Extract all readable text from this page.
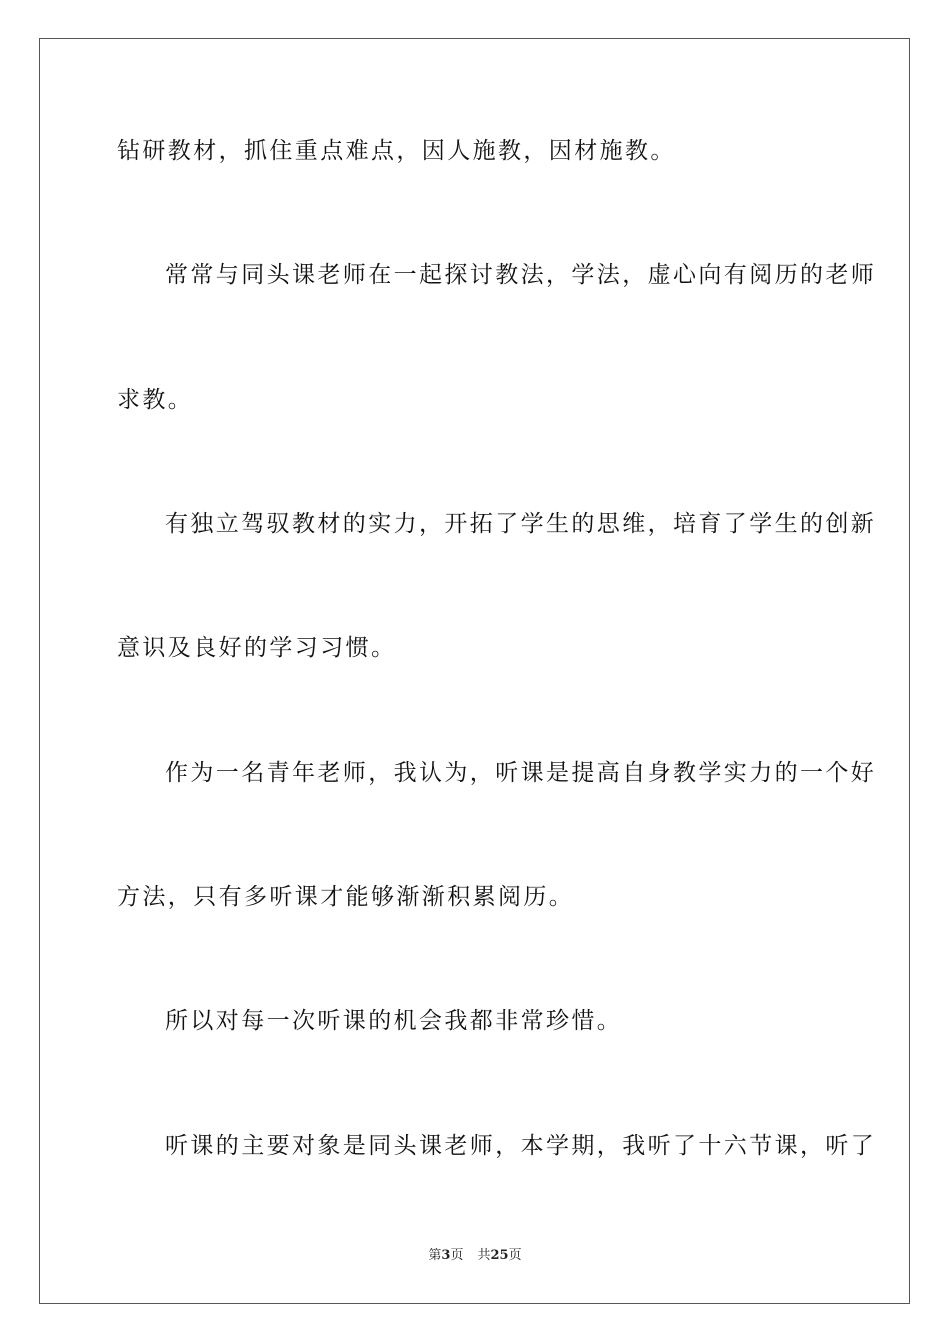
钻研教材，抓住重点难点，因人施教，因材施教。
常常与同头课老师在一起探讨教法，学法，虚心向有阅历的老师
求教。
有独立驾驭教材的实力，开拓了学生的思维，培育了学生的创新
意识及良好的学习习惯。
作为一名青年老师，我认为，听课是提高自身教学实力的一个好
方法，只有多听课才能够渐渐积累阅历。
所以对每一次听课的机会我都非常珍惜。
听课的主要对象是同头课老师，本学期，我听了十六节课，听了
第3页 共25页
